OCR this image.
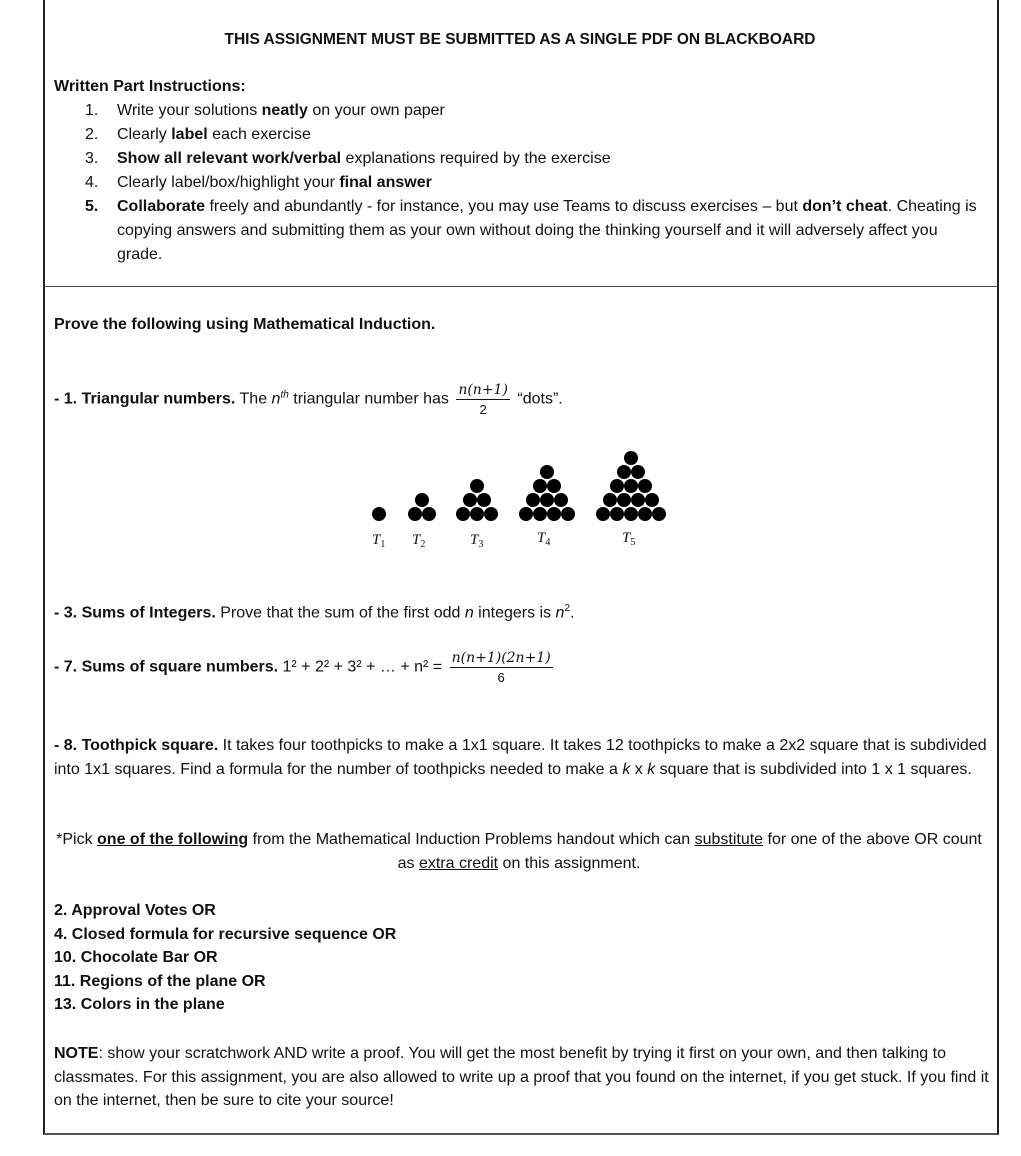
THIS ASSIGNMENT MUST BE SUBMITTED AS A SINGLE PDF ON BLACKBOARD
Written Part Instructions:
1. Write your solutions neatly on your own paper
2. Clearly label each exercise
3. Show all relevant work/verbal explanations required by the exercise
4. Clearly label/box/highlight your final answer
5. Collaborate freely and abundantly - for instance, you may use Teams to discuss exercises – but don’t cheat. Cheating is copying answers and submitting them as your own without doing the thinking yourself and it will adversely affect you grade.
Prove the following using Mathematical Induction.
- 1. Triangular numbers. The $n^{th}$ triangular number has $\frac{n(n+1)}{2}$ “dots”.
$T_1$ $T_2$	$T_3$	$T_4$	$T_5$
- 3. Sums of Integers. Prove that the sum of the first odd n integers is $n^2$.
- 7. Sums of square numbers. 1² + 2² + 3² + … + $n^2 = \frac{n(n+1)(2n+1)}{6}$
- 8. Toothpick square. It takes four toothpicks to make a 1x1 square. It takes 12 toothpicks to make a 2x2 square that is subdivided into 1x1 squares. Find a formula for the number of toothpicks needed to make a k x k square that is subdivided into 1 x 1 squares.
*Pick one of the following from the Mathematical Induction Problems handout which can substitute for one of the above OR count as extra credit on this assignment.
2. Approval Votes OR
4. Closed formula for recursive sequence OR
10. Chocolate Bar OR
11. Regions of the plane OR
13. Colors in the plane
NOTE: show your scratchwork AND write a proof. You will get the most benefit by trying it first on your own, and then talking to classmates. For this assignment, you are also allowed to write up a proof that you found on the internet, if you get stuck. If you find it on the internet, then be sure to cite your source!
